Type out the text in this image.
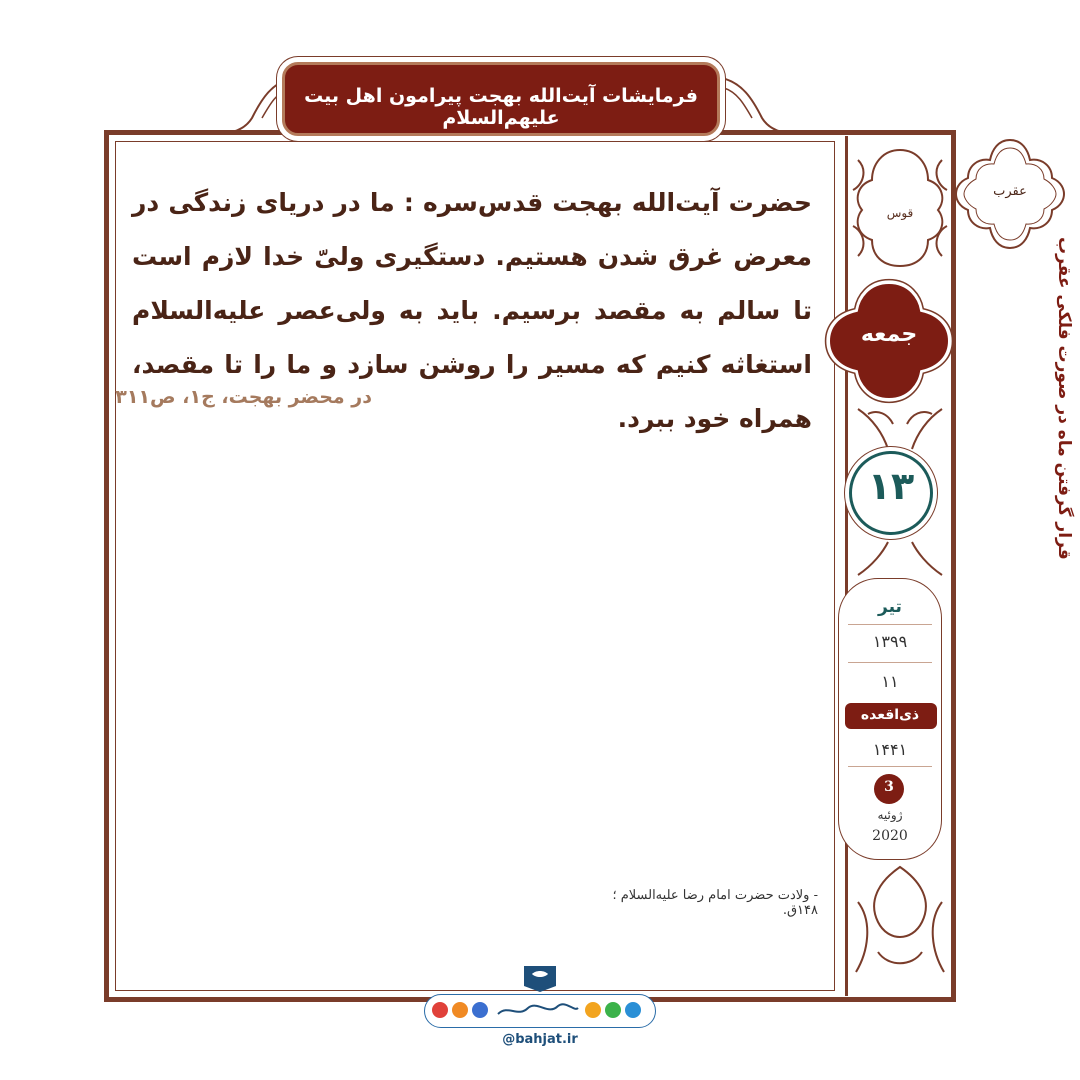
فرمایشات آیت‌الله بهجت پیرامون اهل بیت علیهم‌السلام
حضرت آیت‌الله بهجت قدس‌سره : ما در دریای زندگی در معرض غرق شدن هستیم. دستگیری ولیّ خدا لازم است تا سالم به مقصد برسیم. باید به ولی‌عصر علیه‌السلام استغاثه کنیم که مسیر را روشن سازد و ما را تا مقصد، همراه خود ببرد.
در محضر بهجت، ج۱، ص۳۱۱
- ولادت حضرت امام رضا علیه‌السلام ؛ ۱۴۸ق.
قوس
جمعه
۱۳
تیر
۱۳۹۹
۱۱
ذی‌اقعده
۱۴۴۱
3
ژوئیه
2020
عقرب
قرار گرفتن ماه در صورت فلکی عقرب
@bahjat.ir
